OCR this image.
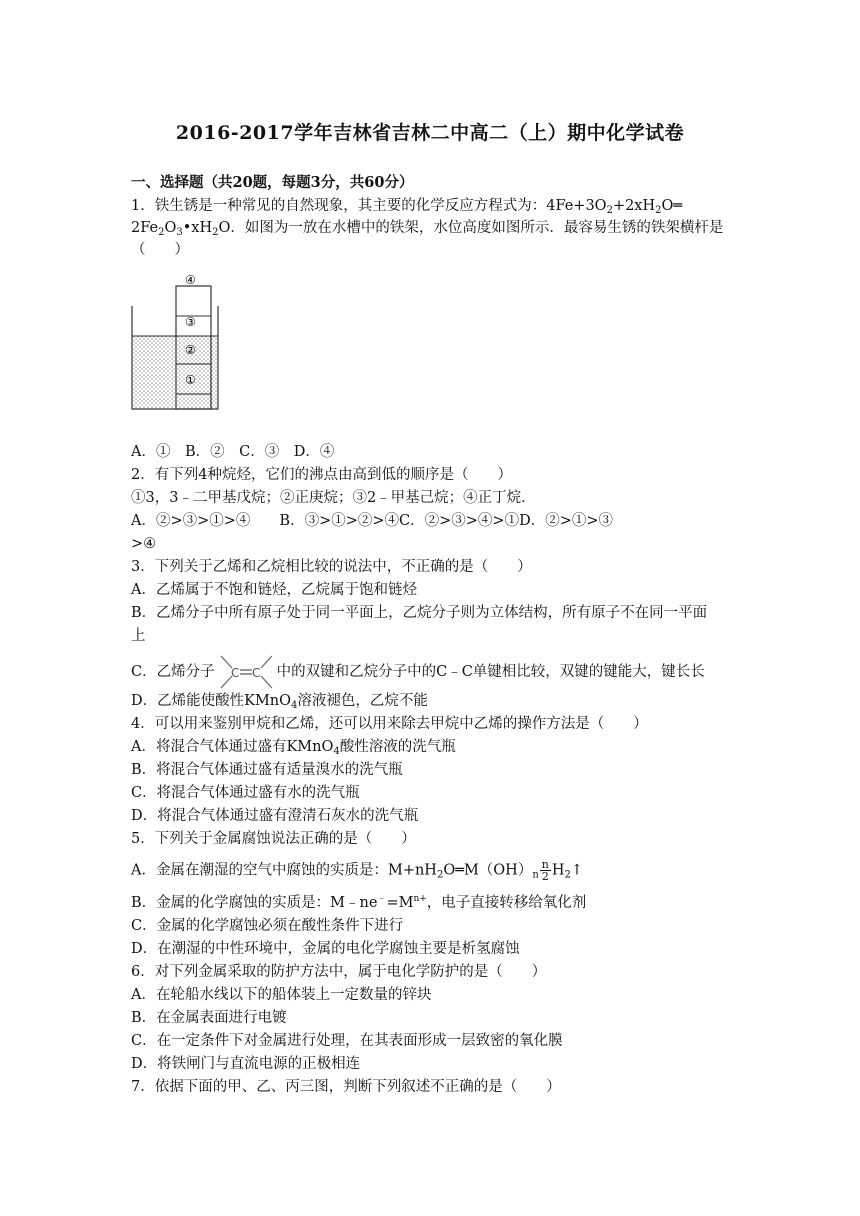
2016-2017学年吉林省吉林二中高二（上）期中化学试卷
一、选择题（共20题，每题3分，共60分）
1．铁生锈是一种常见的自然现象，其主要的化学反应方程式为：$4Fe+3O_2+2xH_2O═$
$2Fe_2O_3•xH_2O$．如图为一放在水槽中的铁架，水位高度如图所示．最容易生锈的铁架横杆是
（　　）
④
③
②
①
A．①　B．②　C．③　D．④
2．有下列4种烷烃，它们的沸点由高到低的顺序是（　　）
①3，3﹣二甲基戊烷；②正庚烷；③2﹣甲基己烷；④正丁烷．
A．②>③>①>④　　B．③>①>②>④C．②>③>④>①D．②>①>③
>④
3．下列关于乙烯和乙烷相比较的说法中，不正确的是（　　）
A．乙烯属于不饱和链烃，乙烷属于饱和链烃
B．乙烯分子中所有原子处于同一平面上，乙烷分子则为立体结构，所有原子不在同一平面
上
C．乙烯分子 C C 中的双键和乙烷分子中的C﹣C单键相比较，双键的键能大，键长长
D．乙烯能使酸性KMnO$_4$溶液褪色，乙烷不能
4．可以用来鉴别甲烷和乙烯，还可以用来除去甲烷中乙烯的操作方法是（　　）
A．将混合气体通过盛有KMnO$_4$酸性溶液的洗气瓶
B．将混合气体通过盛有适量溴水的洗气瓶
C．将混合气体通过盛有水的洗气瓶
D．将混合气体通过盛有澄清石灰水的洗气瓶
5．下列关于金属腐蚀说法正确的是（　　）
A．金属在潮湿的空气中腐蚀的实质是：$M+nH_2O═M(OH)_n \frac{n}{2}$ $H_2↑$
B．金属的化学腐蚀的实质是：$M﹣ne^﹣=M^{n+}$，电子直接转移给氧化剂
C．金属的化学腐蚀必须在酸性条件下进行
D．在潮湿的中性环境中，金属的电化学腐蚀主要是析氢腐蚀
6．对下列金属采取的防护方法中，属于电化学防护的是（　　）
A．在轮船水线以下的船体装上一定数量的锌块
B．在金属表面进行电镀
C．在一定条件下对金属进行处理，在其表面形成一层致密的氧化膜
D．将铁闸门与直流电源的正极相连
7．依据下面的甲、乙、丙三图，判断下列叙述不正确的是（　　）
